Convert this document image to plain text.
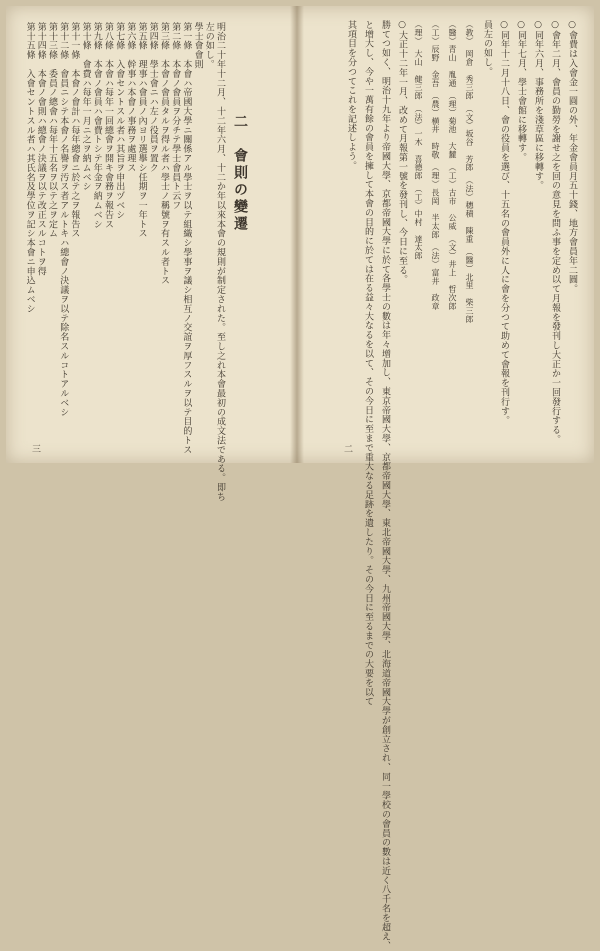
二
○會費は入會金一圓の外、年金會員月五十錢、地方會員年二圓。
○會年二月、會員の勤勞を謝せ之を回の意見を問ふ事を定め以て月報を發刊し大正か一回發行する。
○同年六月、事務所を淺草區に移轉す。
○同年七月、學士會館に移轉す。
○同年十二月十八日、會の役員を選び、十五名の會員外に人に會を分つて助めて會報を刊行す。
員左の如し。
（教）　岡倉　秀三郎　（文）坂谷　芳郎　（法）穗積　陳重　（醫）北里　柴三郎
（醫）青山　胤通　（理）菊池　大麓　（工）古市　公威　（文）井上　哲次郎
（工）辰野　金吾　（農）横井　時敬　（理）長岡　半太郎　（法）富井　政章
（理）　大山　健三郎　（法）一木　喜德郎　（工）中村　達太郎
○大正十二年一月、改めて月報第一號を發刊し、今日に至る。
勝てつ如く、明治十九年より帝國大學、京都帝國大學に於て各學士の數は年々增加し、東京帝國大學、京都帝國大學、東北帝國大學、九州帝國大學、北海道帝國大學が創立され、同一學校の會員の數は近く八千名を超え、
と增大し、今や一萬有餘の會員を擁して本會の目的に於ては在る益々大なるを以て、その今日に至まで重大なる足跡を遺したり。その今日に至るまでの大要を以て
其項目を分つてこれを記述しよう。
二　會則の變遷
三	明治二十年十二月、十二年六月、十二か年以來本會の規則が制定された。至し之れ本會最初の成文法である。即ち
左の如し。
學士會會則
第一條　本會ハ帝國大學ニ關係アル學士ヲ以テ組織シ學事ヲ議シ相互ノ交誼ヲ厚フスルヲ以テ目的トス
第二條　本會ノ會員ヲ分チテ學士會員ト云フ
第三條　本會ノ會員タルヲ得ル者ハ學士ノ稱號ヲ有スル者トス
第四條　學士會ニハ左ノ役員ヲ置ク
第五條　理事ハ會員ノ內ヨリ選擧シ任期ヲ一年トス
第六條　幹事ハ本會ノ事務ヲ處理ス
第七條　入會セントスル者ハ其旨ヲ申出ヅベシ
第八條　本會ハ每年一回總會ヲ開キ會務ヲ報告ス
第九條　本會ノ會員ハ會費トシテ年金ヲ納ムベシ
第十條　會費ハ每年一月ニ之ヲ納ムベシ
第十一條　本會ノ會計ハ每年總會ニ於テ之ヲ報告ス
第十二條　會員ニシテ本會ノ名譽ヲ汚ス者アルトキハ總會ノ決議ヲ以テ除名スルコトアルベシ
第十三條　委員ノ總會ハ每年十五名ヲ以テ之ヲ定ム
第十四條　本會ノ會則ハ總會ノ決議ヲ以テ改正スルコトヲ得
第十五條　入會セントスル者ハ其氏名及學位ヲ記シ本會ニ申込ムベシ
